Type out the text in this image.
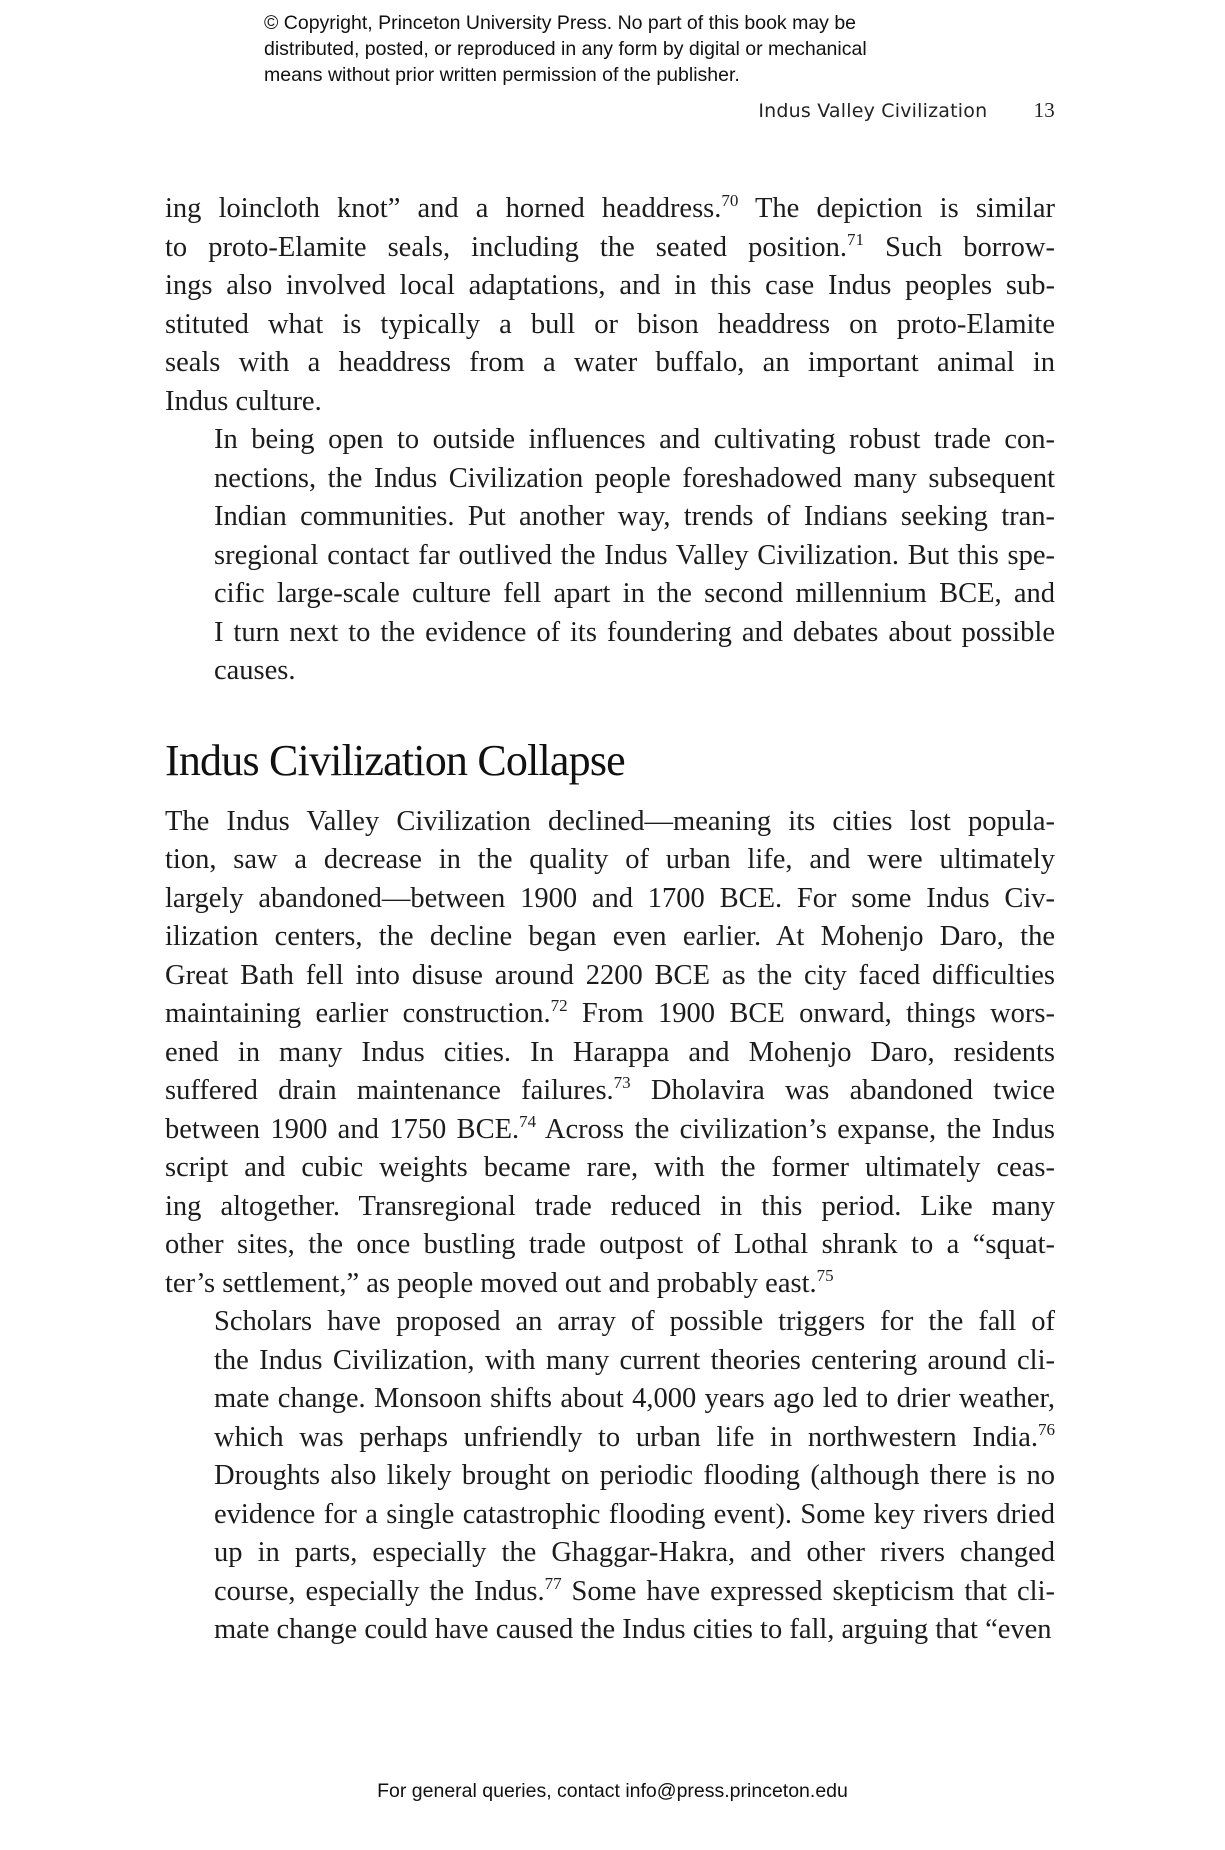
© Copyright, Princeton University Press. No part of this book may be
distributed, posted, or reproduced in any form by digital or mechanical
means without prior written permission of the publisher.
Indus Valley Civilization 13

ing loincloth knot” and a horned headdress.$^{70}$ The depiction is similar
to proto-Elamite seals, including the seated position.$^{71}$ Such borrow-
ings also involved local adaptations, and in this case Indus peoples sub-
stituted what is typically a bull or bison headdress on proto-Elamite
seals with a headdress from a water buffalo, an important animal in
Indus culture.

In being open to outside influences and cultivating robust trade con-
nections, the Indus Civilization people foreshadowed many subsequent
Indian communities. Put another way, trends of Indians seeking tran-
sregional contact far outlived the Indus Valley Civilization. But this spe-
cific large-scale culture fell apart in the second millennium BCE, and
I turn next to the evidence of its foundering and debates about possible
causes.

Indus Civilization Collapse

The Indus Valley Civilization declined—meaning its cities lost popula-
tion, saw a decrease in the quality of urban life, and were ultimately
largely abandoned—between 1900 and 1700 BCE. For some Indus Civ-
ilization centers, the decline began even earlier. At Mohenjo Daro, the
Great Bath fell into disuse around 2200 BCE as the city faced difficulties
maintaining earlier construction.$^{72}$ From 1900 BCE onward, things wors-
ened in many Indus cities. In Harappa and Mohenjo Daro, residents
suffered drain maintenance failures.$^{73}$ Dholavira was abandoned twice
between 1900 and 1750 BCE.$^{74}$ Across the civilization’s expanse, the Indus
script and cubic weights became rare, with the former ultimately ceas-
ing altogether. Transregional trade reduced in this period. Like many
other sites, the once bustling trade outpost of Lothal shrank to a “squat-
ter’s settlement,” as people moved out and probably east.$^{75}$

Scholars have proposed an array of possible triggers for the fall of
the Indus Civilization, with many current theories centering around cli-
mate change. Monsoon shifts about 4,000 years ago led to drier weather,
which was perhaps unfriendly to urban life in northwestern India.$^{76}$
Droughts also likely brought on periodic flooding (although there is no
evidence for a single catastrophic flooding event). Some key rivers dried
up in parts, especially the Ghaggar-Hakra, and other rivers changed
course, especially the Indus.$^{77}$ Some have expressed skepticism that cli-
mate change could have caused the Indus cities to fall, arguing that “even

For general queries, contact info@press.princeton.edu
